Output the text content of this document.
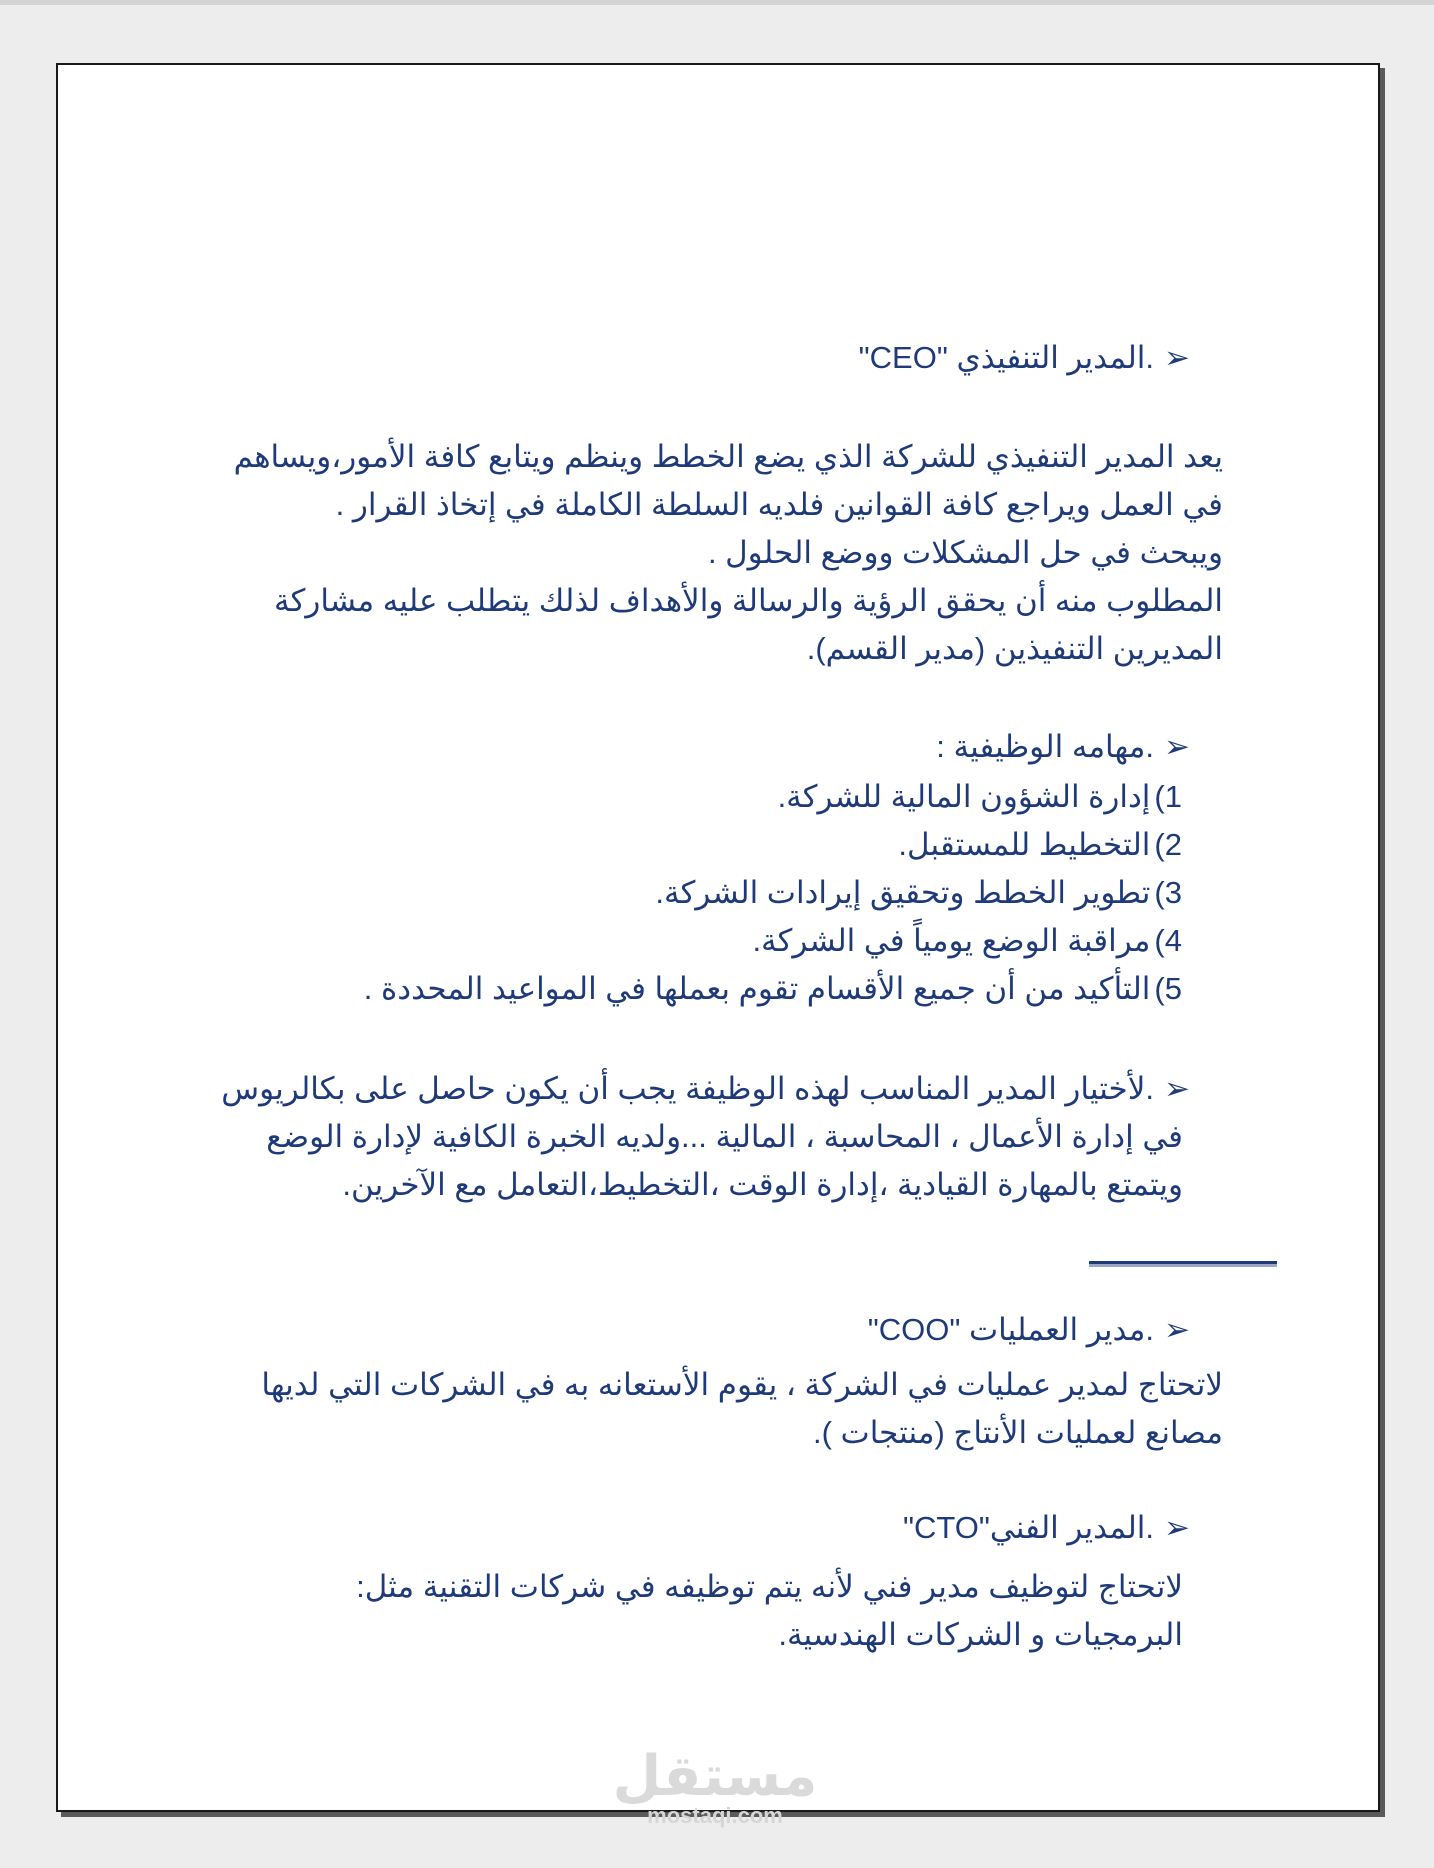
➢.المدير التنفيذي "CEO"

يعد المدير التنفيذي للشركة الذي يضع الخطط وينظم ويتابع كافة الأمور،ويساهم

في العمل ويراجع كافة القوانين فلديه السلطة الكاملة في إتخاذ القرار .

ويبحث في حل المشكلات ووضع الحلول .

المطلوب منه أن يحقق الرؤية والرسالة والأهداف لذلك يتطلب عليه مشاركة

المديرين التنفيذين (مدير القسم).

➢.مهامه الوظيفية :

1)إدارة الشؤون المالية للشركة.

2)التخطيط للمستقبل.

3)تطوير الخطط وتحقيق إيرادات الشركة.

4)مراقبة الوضع يومياً في الشركة.

5)التأكيد من أن جميع الأقسام تقوم بعملها في المواعيد المحددة .

➢.لأختيار المدير المناسب لهذه الوظيفة يجب أن يكون حاصل على بكالريوس

في إدارة الأعمال ، المحاسبة ، المالية ...ولديه الخبرة الكافية لإدارة الوضع

ويتمتع بالمهارة القيادية ،إدارة الوقت ،التخطيط،التعامل مع الآخرين.

➢.مدير العمليات "COO"

لاتحتاج لمدير عمليات في الشركة ، يقوم الأستعانه به في الشركات التي لديها

مصانع لعمليات الأنتاج (منتجات ).

➢.المدير الفني"CTO"

لاتحتاج لتوظيف مدير فني لأنه يتم توظيفه في شركات التقنية مثل:

البرمجيات و الشركات الهندسية.

مستقل
mostaqi.com
